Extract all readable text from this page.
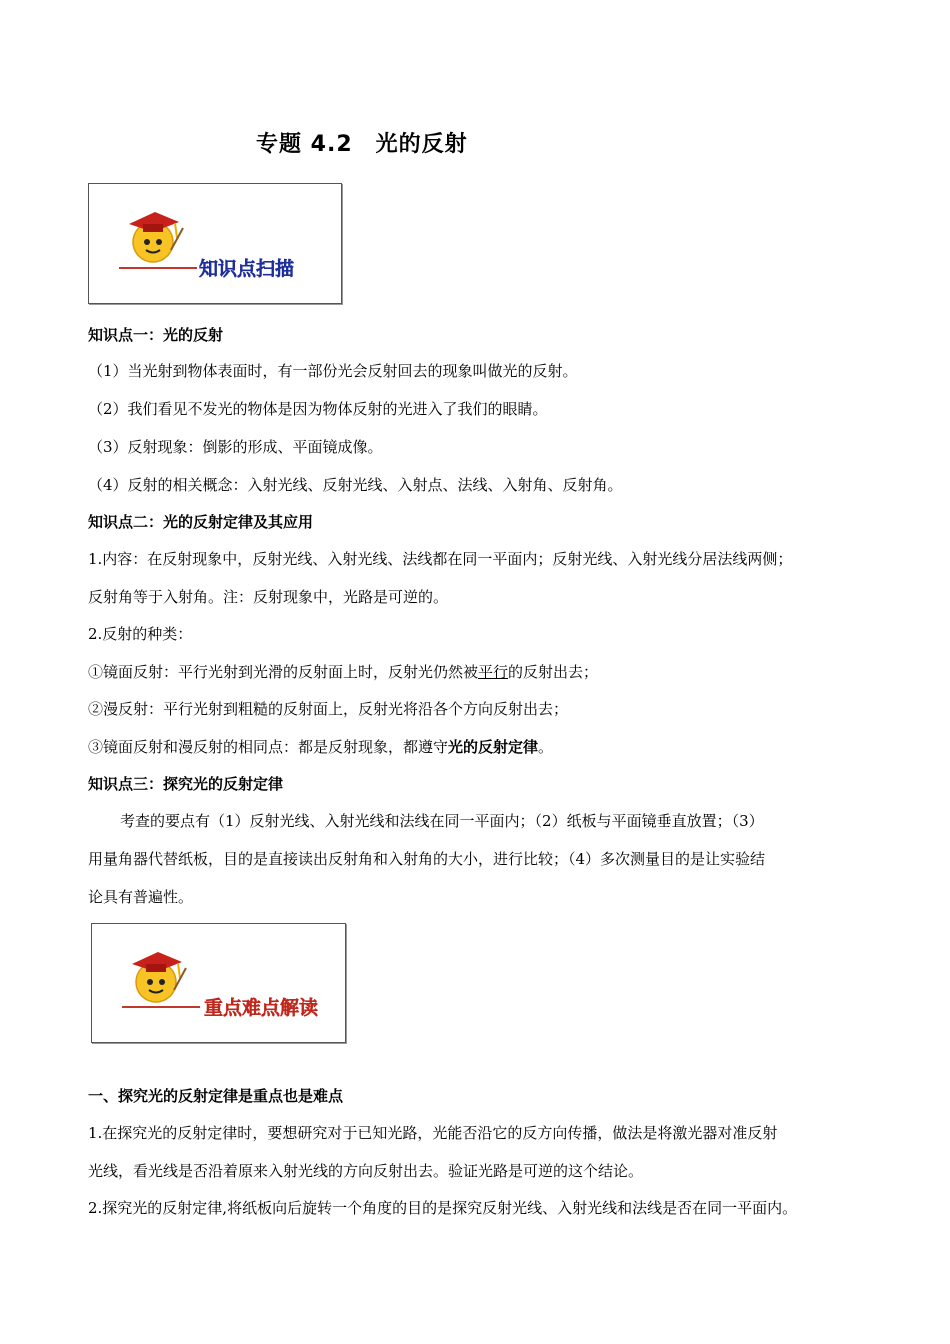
专题 4.2　光的反射
知识点扫描
知识点一：光的反射
（1）当光射到物体表面时，有一部份光会反射回去的现象叫做光的反射。
（2）我们看见不发光的物体是因为物体反射的光进入了我们的眼睛。
（3）反射现象：倒影的形成、平面镜成像。
（4）反射的相关概念：入射光线、反射光线、入射点、法线、入射角、反射角。
知识点二：光的反射定律及其应用
1.内容：在反射现象中，反射光线、入射光线、法线都在同一平面内；反射光线、入射光线分居法线两侧；
反射角等于入射角。注：反射现象中，光路是可逆的。
2.反射的种类：
①镜面反射：平行光射到光滑的反射面上时，反射光仍然被平行的反射出去；
②漫反射：平行光射到粗糙的反射面上，反射光将沿各个方向反射出去；
③镜面反射和漫反射的相同点：都是反射现象，都遵守光的反射定律。
知识点三：探究光的反射定律
考查的要点有（1）反射光线、入射光线和法线在同一平面内；（2）纸板与平面镜垂直放置；（3）
用量角器代替纸板，目的是直接读出反射角和入射角的大小，进行比较；（4）多次测量目的是让实验结
论具有普遍性。
重点难点解读
一、探究光的反射定律是重点也是难点
1.在探究光的反射定律时，要想研究对于已知光路，光能否沿它的反方向传播，做法是将激光器对准反射
光线，看光线是否沿着原来入射光线的方向反射出去。验证光路是可逆的这个结论。
2.探究光的反射定律,将纸板向后旋转一个角度的目的是探究反射光线、入射光线和法线是否在同一平面内。
